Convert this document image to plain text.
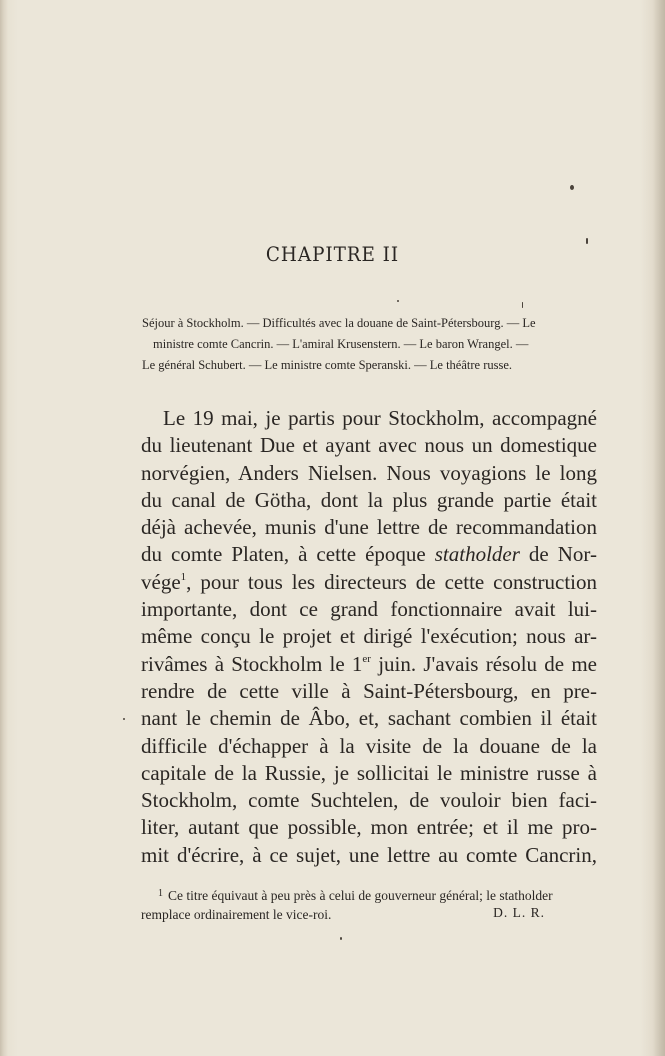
CHAPITRE II
Séjour à Stockholm. — Difficultés avec la douane de Saint-Pétersbourg. — Le
ministre comte Cancrin. — L'amiral Krusenstern. — Le baron Wrangel. —
Le général Schubert. — Le ministre comte Speranski. — Le théâtre russe.
Le 19 mai, je partis pour Stockholm, accompagné
du lieutenant Due et ayant avec nous un domestique
norvégien, Anders Nielsen. Nous voyagions le long
du canal de Götha, dont la plus grande partie était
déjà achevée, munis d'une lettre de recommandation
du comte Platen, à cette époque statholder de Nor-
vége$^1$, pour tous les directeurs de cette construction
importante, dont ce grand fonctionnaire avait lui-
même conçu le projet et dirigé l'exécution; nous ar-
rivâmes à Stockholm le 1er juin. J'avais résolu de me
rendre de cette ville à Saint-Pétersbourg, en pre-
nant le chemin de Âbo, et, sachant combien il était
difficile d'échapper à la visite de la douane de la
capitale de la Russie, je sollicitai le ministre russe à
Stockholm, comte Suchtelen, de vouloir bien faci-
liter, autant que possible, mon entrée; et il me pro-
mit d'écrire, à ce sujet, une lettre au comte Cancrin,
$^1$ Ce titre équivaut à peu près à celui de gouverneur général; le statholder
remplace ordinairement le vice-roi.	D. L. R.
